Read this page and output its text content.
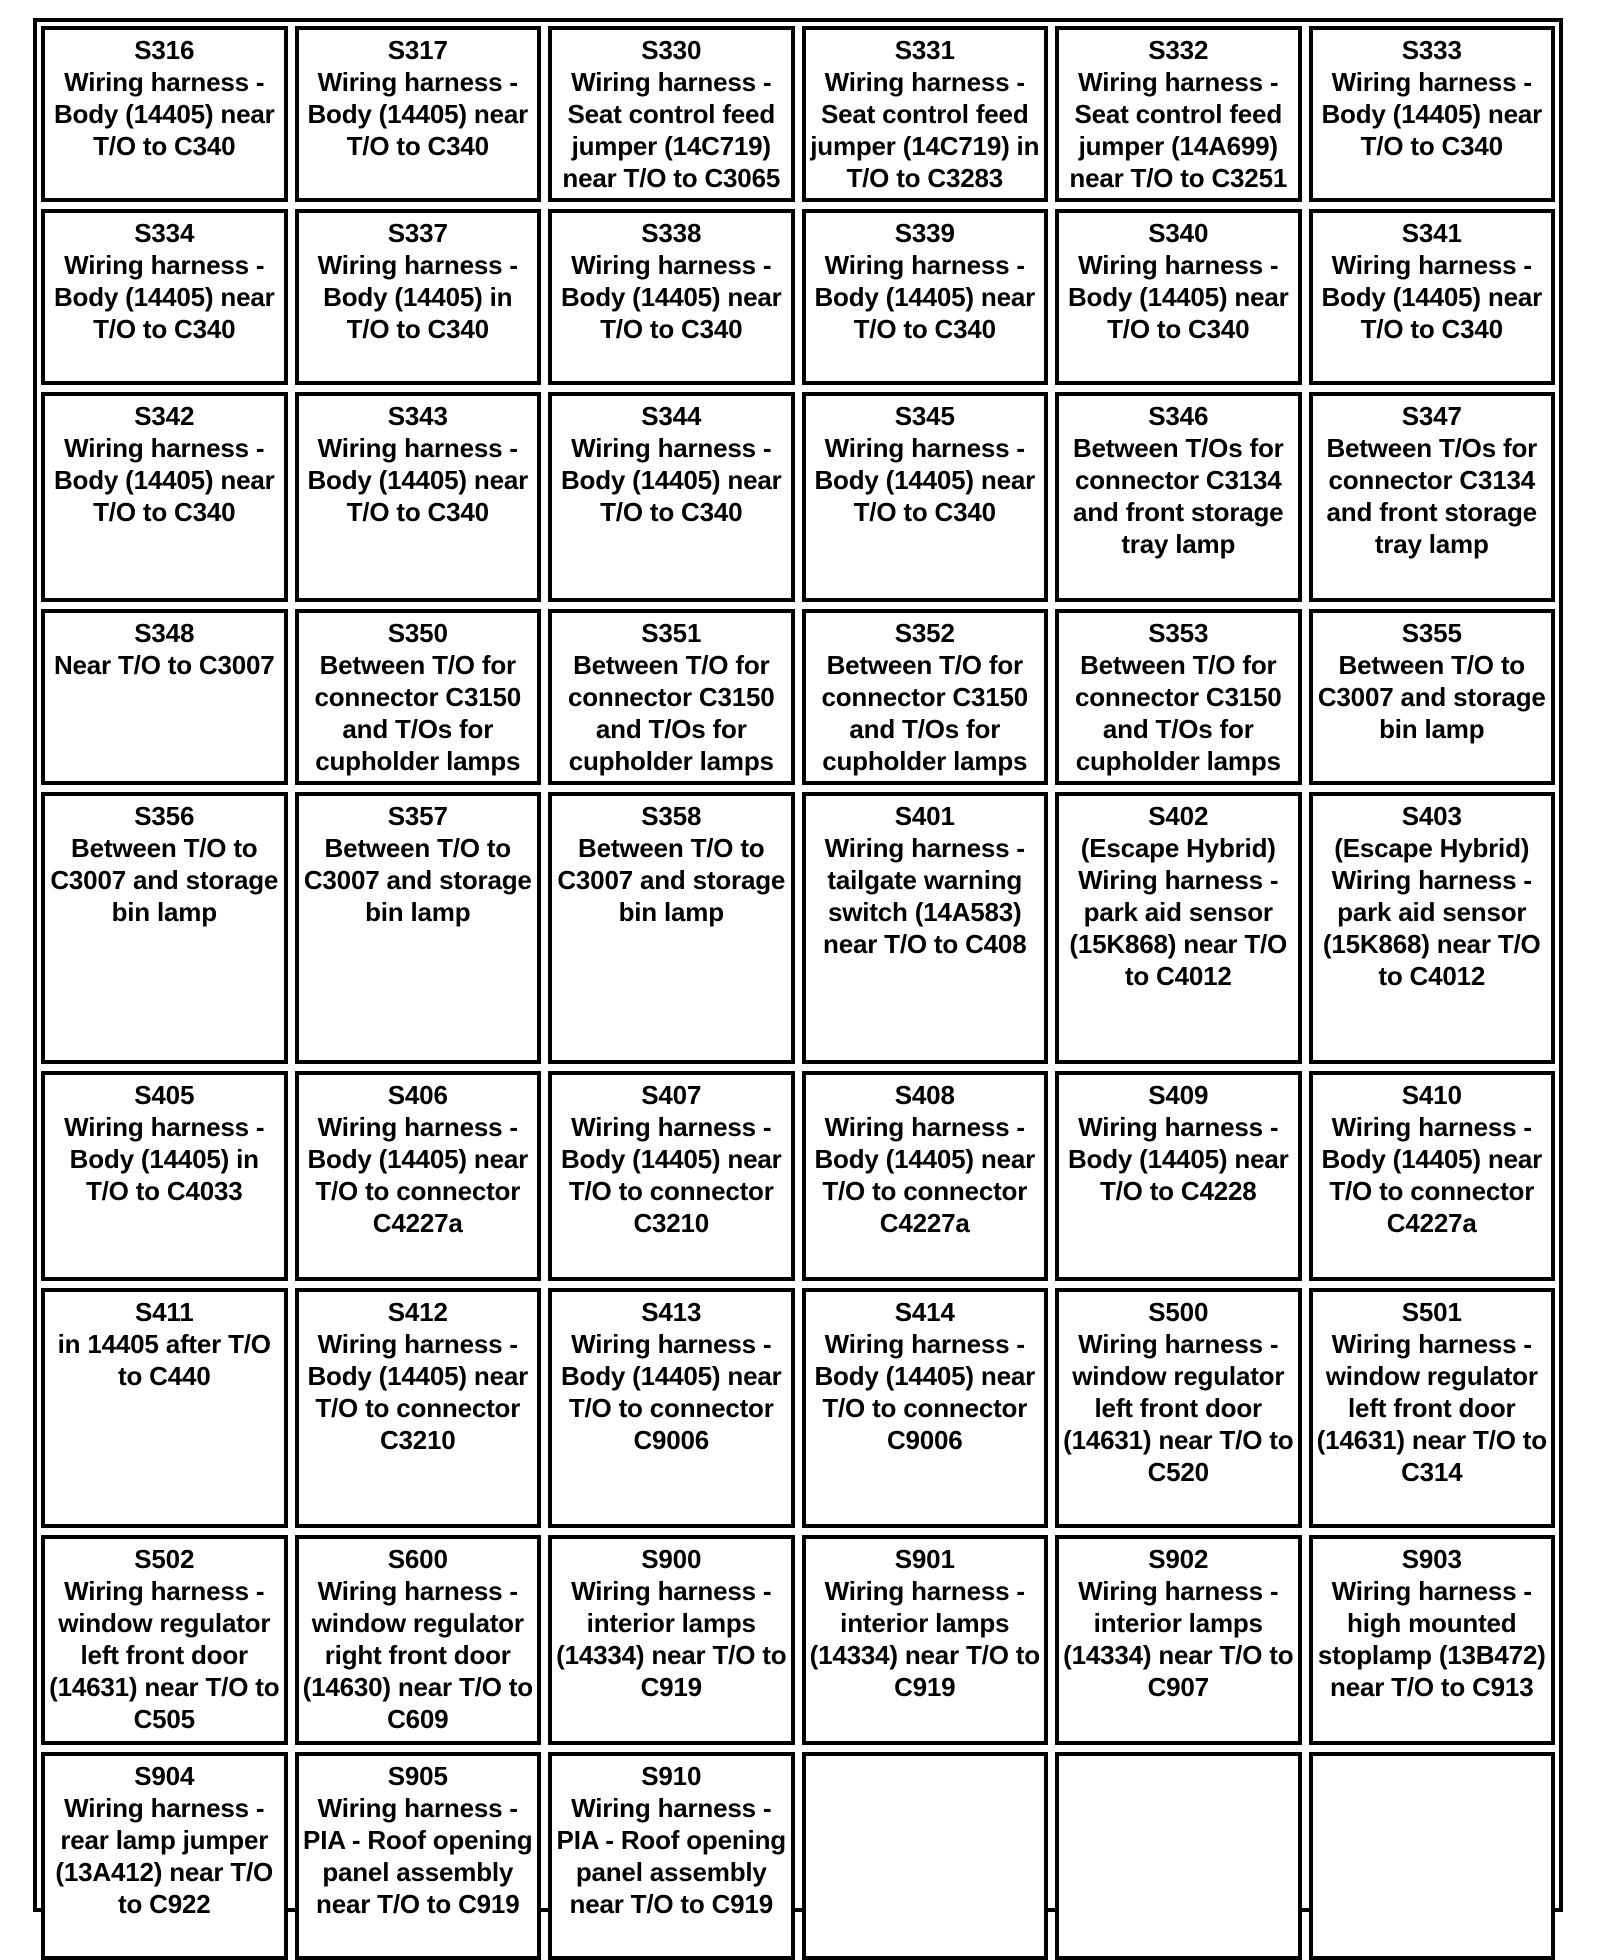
S316
Wiring harness - Body (14405) near T/O to C340
S317
Wiring harness - Body (14405) near T/O to C340
S330
Wiring harness - Seat control feed jumper (14C719) near T/O to C3065
S331
Wiring harness - Seat control feed jumper (14C719) in T/O to C3283
S332
Wiring harness - Seat control feed jumper (14A699) near T/O to C3251
S333
Wiring harness - Body (14405) near T/O to C340
S334
Wiring harness - Body (14405) near T/O to C340
S337
Wiring harness - Body (14405) in T/O to C340
S338
Wiring harness - Body (14405) near T/O to C340
S339
Wiring harness - Body (14405) near T/O to C340
S340
Wiring harness - Body (14405) near T/O to C340
S341
Wiring harness - Body (14405) near T/O to C340
S342
Wiring harness - Body (14405) near T/O to C340
S343
Wiring harness - Body (14405) near T/O to C340
S344
Wiring harness - Body (14405) near T/O to C340
S345
Wiring harness - Body (14405) near T/O to C340
S346
Between T/Os for connector C3134 and front storage tray lamp
S347
Between T/Os for connector C3134 and front storage tray lamp
S348
Near T/O to C3007
S350
Between T/O for connector C3150 and T/Os for cupholder lamps
S351
Between T/O for connector C3150 and T/Os for cupholder lamps
S352
Between T/O for connector C3150 and T/Os for cupholder lamps
S353
Between T/O for connector C3150 and T/Os for cupholder lamps
S355
Between T/O to C3007 and storage bin lamp
S356
Between T/O to C3007 and storage bin lamp
S357
Between T/O to C3007 and storage bin lamp
S358
Between T/O to C3007 and storage bin lamp
S401
Wiring harness - tailgate warning switch (14A583) near T/O to C408
S402
(Escape Hybrid) Wiring harness - park aid sensor (15K868) near T/O to C4012
S403
(Escape Hybrid) Wiring harness - park aid sensor (15K868) near T/O to C4012
S405
Wiring harness - Body (14405) in T/O to C4033
S406
Wiring harness - Body (14405) near T/O to connector C4227a
S407
Wiring harness - Body (14405) near T/O to connector C3210
S408
Wiring harness - Body (14405) near T/O to connector C4227a
S409
Wiring harness - Body (14405) near T/O to C4228
S410
Wiring harness - Body (14405) near T/O to connector C4227a
S411
in 14405 after T/O to C440
S412
Wiring harness - Body (14405) near T/O to connector C3210
S413
Wiring harness - Body (14405) near T/O to connector C9006
S414
Wiring harness - Body (14405) near T/O to connector C9006
S500
Wiring harness - window regulator left front door (14631) near T/O to C520
S501
Wiring harness - window regulator left front door (14631) near T/O to C314
S502
Wiring harness - window regulator left front door (14631) near T/O to C505
S600
Wiring harness - window regulator right front door (14630) near T/O to C609
S900
Wiring harness - interior lamps (14334) near T/O to C919
S901
Wiring harness - interior lamps (14334) near T/O to C919
S902
Wiring harness - interior lamps (14334) near T/O to C907
S903
Wiring harness - high mounted stoplamp (13B472) near T/O to C913
S904
Wiring harness - rear lamp jumper (13A412) near T/O to C922
S905
Wiring harness - PIA - Roof opening panel assembly near T/O to C919
S910
Wiring harness - PIA - Roof opening panel assembly near T/O to C919
